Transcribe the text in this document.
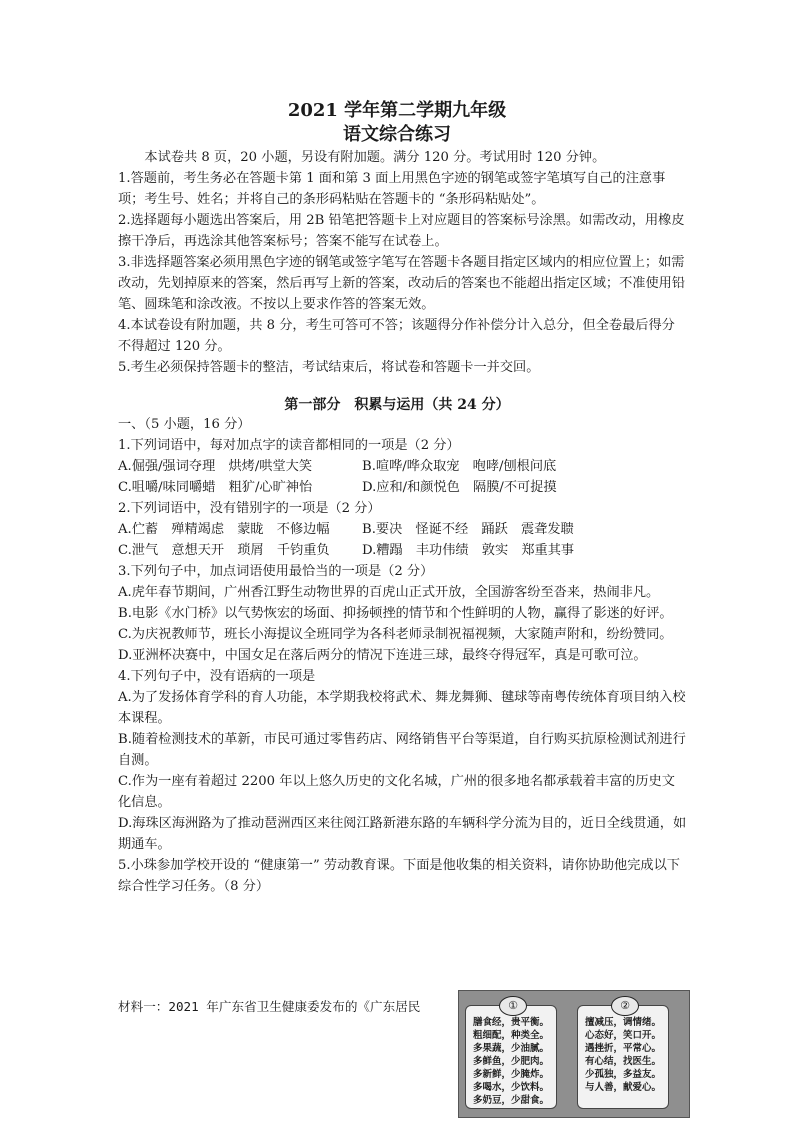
2021 学年第二学期九年级
语文综合练习

本试卷共 8 页，20 小题，另设有附加题。满分 120 分。考试用时 120 分钟。

1.答题前，考生务必在答题卡第 1 面和第 3 面上用黑色字迹的钢笔或签字笔填写自己的注意事项；考生号、姓名；并将自己的条形码粘贴在答题卡的 “条形码粘贴处”。

2.选择题每小题选出答案后，用 2B 铅笔把答题卡上对应题目的答案标号涂黑。如需改动，用橡皮擦干净后，再选涂其他答案标号；答案不能写在试卷上。

3.非选择题答案必须用黑色字迹的钢笔或签字笔写在答题卡各题目指定区域内的相应位置上；如需改动，先划掉原来的答案，然后再写上新的答案，改动后的答案也不能超出指定区域；不准使用铅笔、圆珠笔和涂改液。不按以上要求作答的答案无效。

4.本试卷设有附加题，共 8 分，考生可答可不答；该题得分作补偿分计入总分，但全卷最后得分不得超过 120 分。

5.考生必须保持答题卡的整洁，考试结束后，将试卷和答题卡一并交回。

第一部分　积累与运用（共 24 分）

一、（5 小题，16 分）

1.下列词语中，每对加点字的读音都相同的一项是（2 分）

A.倔强/强词夺理　烘烤/哄堂大笑	B.喧哗/哗众取宠　咆哮/刨根问底
C.咀嚼/味同嚼蜡　粗犷/心旷神怡	D.应和/和颜悦色　隔膜/不可捉摸

2.下列词语中，没有错别字的一项是（2 分）

A.伫蓄　殚精竭虑　蒙眬　不修边幅	B.要决　怪诞不经　踊跃　震聋发聩
C.泄气　意想天开　琐屑　千钧重负	D.糟蹋　丰功伟绩　敦实　郑重其事

3.下列句子中，加点词语使用最恰当的一项是（2 分）

A.虎年春节期间，广州香江野生动物世界的百虎山正式开放，全国游客纷至沓来，热闹非凡。

B.电影《水门桥》以气势恢宏的场面、抑扬顿挫的情节和个性鲜明的人物，赢得了影迷的好评。

C.为庆祝教师节，班长小海提议全班同学为各科老师录制祝福视频，大家随声附和，纷纷赞同。

D.亚洲杯决赛中，中国女足在落后两分的情况下连进三球，最终夺得冠军，真是可歌可泣。

4.下列句子中，没有语病的一项是

A.为了发扬体育学科的育人功能，本学期我校将武术、舞龙舞狮、毽球等南粤传统体育项目纳入校本课程。

B.随着检测技术的革新，市民可通过零售药店、网络销售平台等渠道，自行购买抗原检测试剂进行自测。

C.作为一座有着超过 2200 年以上悠久历史的文化名城，广州的很多地名都承载着丰富的历史文化信息。

D.海珠区海洲路为了推动琶洲西区来往阅江路新港东路的车辆科学分流为目的，近日全线贯通，如期通车。

5.小珠参加学校开设的 “健康第一” 劳动教育课。下面是他收集的相关资料，请你协助他完成以下综合性学习任务。（8 分）

材料一：2021 年广东省卫生健康委发布的《广东居民	①
膳食经，贵平衡。
粗细配，种类全。
多果蔬，少油腻。
多鲜鱼，少肥肉。
多新鲜，少腌炸。
多喝水，少饮料。
多奶豆，少甜食。
②
擅减压，调情绪。
心态好，笑口开。
遇挫折，平常心。
有心结，找医生。
少孤独，多益友。
与人善，献爱心。
